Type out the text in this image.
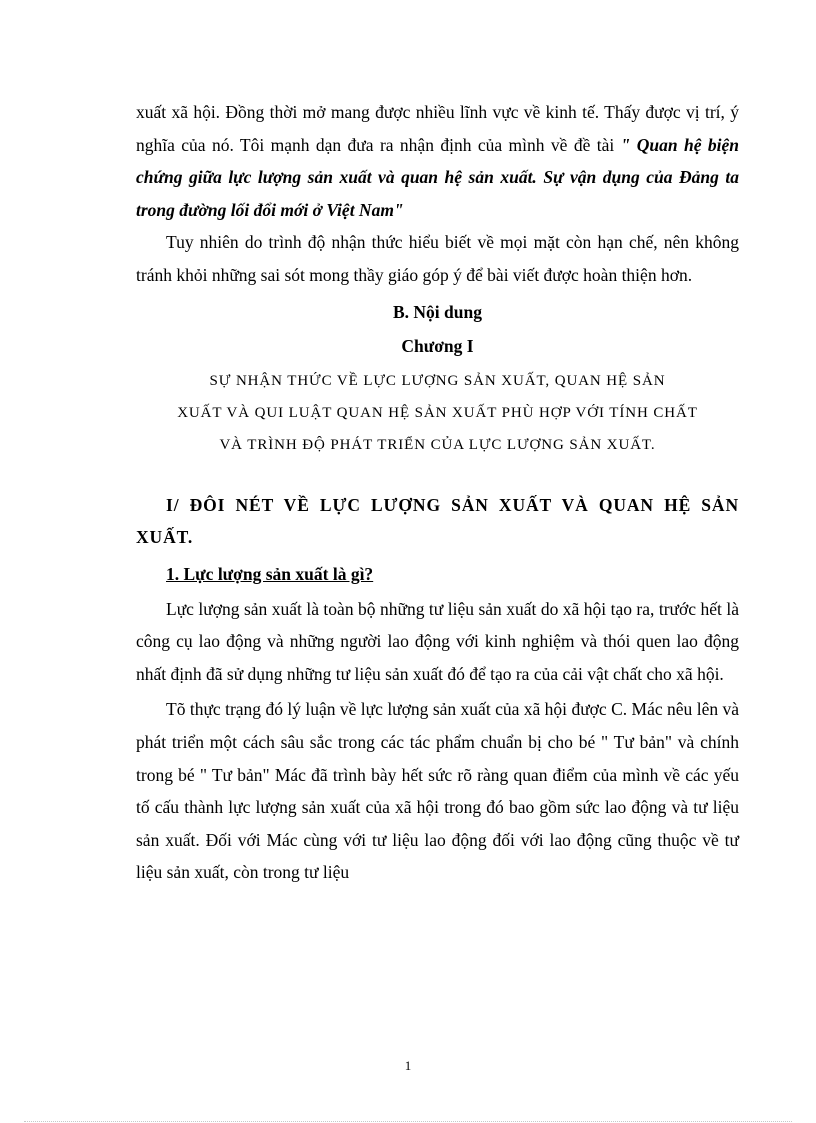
xuất xã hội. Đồng thời mở mang được nhiều lĩnh vực về kinh tế. Thấy được vị trí, ý nghĩa của nó. Tôi mạnh dạn đưa ra nhận định của mình về đề tài " Quan hệ biện chứng giữa lực lượng sản xuất và quan hệ sản xuất. Sự vận dụng của Đảng ta trong đường lối đổi mới ở Việt Nam"

Tuy nhiên do trình độ nhận thức hiểu biết về mọi mặt còn hạn chế, nên không tránh khỏi những sai sót mong thầy giáo góp ý để bài viết được hoàn thiện hơn.

B. Nội dung

Chương I

SỰ NHẬN THỨC VỀ LỰC LƯỢNG SẢN XUẤT, QUAN HỆ SẢN
XUẤT VÀ QUI LUẬT QUAN HỆ SẢN XUẤT PHÙ HỢP VỚI TÍNH CHẤT
VÀ TRÌNH ĐỘ PHÁT TRIỂN CỦA LỰC LƯỢNG SẢN XUẤT.

I/ ĐÔI NÉT VỀ LỰC LƯỢNG SẢN XUẤT VÀ QUAN HỆ SẢN XUẤT.

1. Lực lượng sản xuất là gì?

Lực lượng sản xuất là toàn bộ những tư liệu sản xuất do xã hội tạo ra, trước hết là công cụ lao động và những người lao động với kinh nghiệm và thói quen lao động nhất định đã sử dụng những tư liệu sản xuất đó để tạo ra của cải vật chất cho xã hội.

Tõ thực trạng đó lý luận về lực lượng sản xuất của xã hội được C. Mác nêu lên và phát triển một cách sâu sắc trong các tác phẩm chuẩn bị cho bé " Tư bản" và chính trong bé " Tư bản" Mác đã trình bày hết sức rõ ràng quan điểm của mình về các yếu tố cấu thành lực lượng sản xuất của xã hội trong đó bao gồm sức lao động và tư liệu sản xuất. Đối với Mác cùng với tư liệu lao động đối với lao động cũng thuộc về tư liệu sản xuất, còn trong tư liệu

1
